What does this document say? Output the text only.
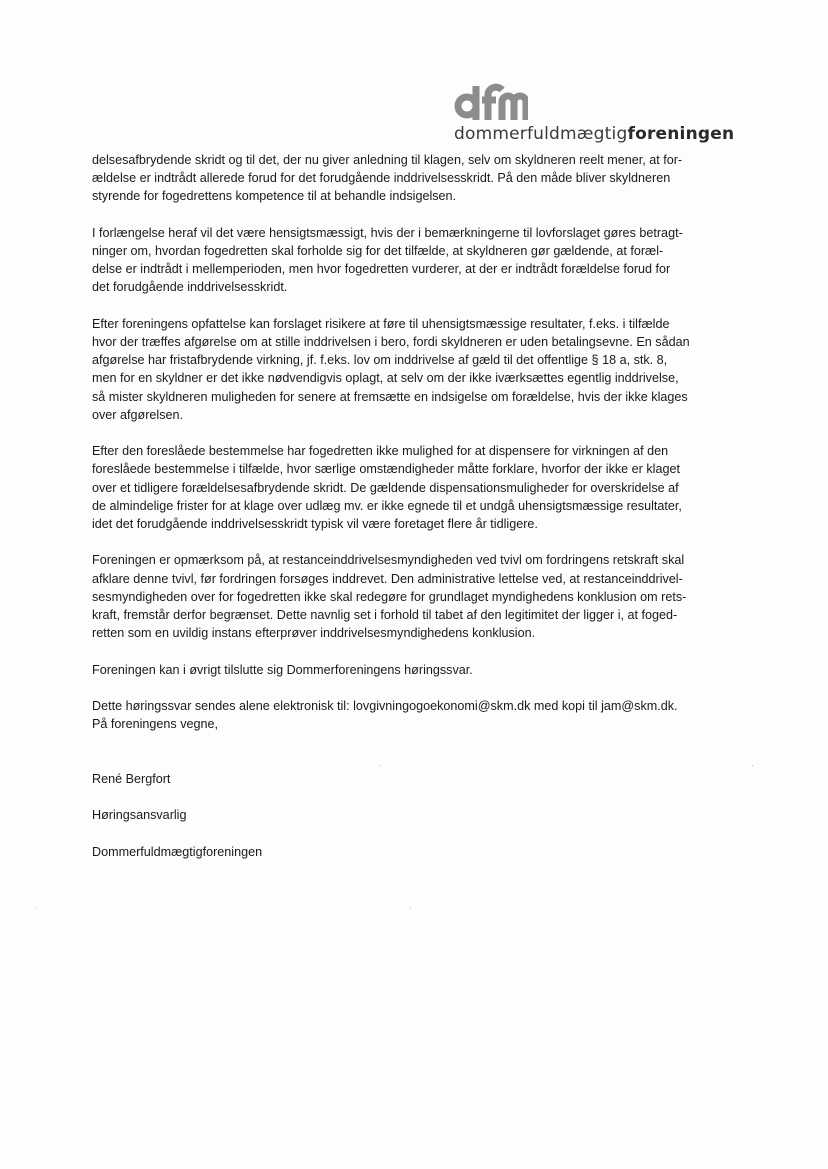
dommerfuldmægtigforeningen

delsesafbrydende skridt og til det, der nu giver anledning til klagen, selv om skyldneren reelt mener, at for-
ældelse er indtrådt allerede forud for det forudgående inddrivelsesskridt. På den måde bliver skyldneren
styrende for fogedrettens kompetence til at behandle indsigelsen.

I forlængelse heraf vil det være hensigtsmæssigt, hvis der i bemærkningerne til lovforslaget gøres betragt-
ninger om, hvordan fogedretten skal forholde sig for det tilfælde, at skyldneren gør gældende, at foræl-
delse er indtrådt i mellemperioden, men hvor fogedretten vurderer, at der er indtrådt forældelse forud for
det forudgående inddrivelsesskridt.

Efter foreningens opfattelse kan forslaget risikere at føre til uhensigtsmæssige resultater, f.eks. i tilfælde
hvor der træffes afgørelse om at stille inddrivelsen i bero, fordi skyldneren er uden betalingsevne. En sådan
afgørelse har fristafbrydende virkning, jf. f.eks. lov om inddrivelse af gæld til det offentlige § 18 a, stk. 8,
men for en skyldner er det ikke nødvendigvis oplagt, at selv om der ikke iværksættes egentlig inddrivelse,
så mister skyldneren muligheden for senere at fremsætte en indsigelse om forældelse, hvis der ikke klages
over afgørelsen.

Efter den foreslåede bestemmelse har fogedretten ikke mulighed for at dispensere for virkningen af den
foreslåede bestemmelse i tilfælde, hvor særlige omstændigheder måtte forklare, hvorfor der ikke er klaget
over et tidligere forældelsesafbrydende skridt. De gældende dispensationsmuligheder for overskridelse af
de almindelige frister for at klage over udlæg mv. er ikke egnede til et undgå uhensigtsmæssige resultater,
idet det forudgående inddrivelsesskridt typisk vil være foretaget flere år tidligere.

Foreningen er opmærksom på, at restanceinddrivelsesmyndigheden ved tvivl om fordringens retskraft skal
afklare denne tvivl, før fordringen forsøges inddrevet. Den administrative lettelse ved, at restanceinddrivel-
sesmyndigheden over for fogedretten ikke skal redegøre for grundlaget myndighedens konklusion om rets-
kraft, fremstår derfor begrænset. Dette navnlig set i forhold til tabet af den legitimitet der ligger i, at foged-
retten som en uvildig instans efterprøver inddrivelsesmyndighedens konklusion.

Foreningen kan i øvrigt tilslutte sig Dommerforeningens høringssvar.

Dette høringssvar sendes alene elektronisk til: lovgivningogoekonomi@skm.dk med kopi til jam@skm.dk.

På foreningens vegne,

René Bergfort

Høringsansvarlig

Dommerfuldmægtigforeningen
